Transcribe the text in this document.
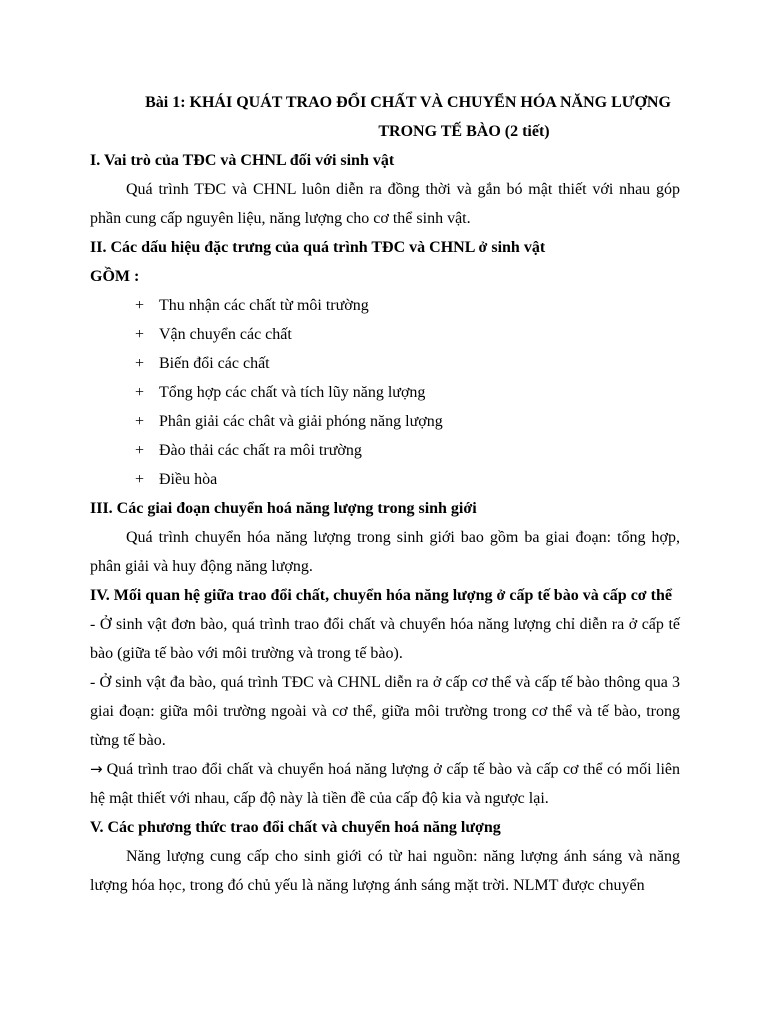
Bài 1: KHÁI QUÁT TRAO ĐỔI CHẤT VÀ CHUYỂN HÓA NĂNG LƯỢNG
TRONG TẾ BÀO (2 tiết)
I. Vai trò của TĐC và CHNL đối với sinh vật
Quá trình TĐC và CHNL luôn diễn ra đồng thời và gắn bó mật thiết với nhau góp phần cung cấp nguyên liệu, năng lượng cho cơ thể sinh vật.
II. Các dấu hiệu đặc trưng của quá trình TĐC và CHNL ở sinh vật
GỒM :
+ Thu nhận các chất từ môi trường
+ Vận chuyển các chất
+ Biến đổi các chất
+ Tổng hợp các chất và tích lũy năng lượng
+ Phân giải các chât và giải phóng năng lượng
+ Đào thải các chất ra môi trường
+ Điều hòa
III. Các giai đoạn chuyển hoá năng lượng trong sinh giới
Quá trình chuyển hóa năng lượng trong sinh giới bao gồm ba giai đoạn: tổng hợp, phân giải và huy động năng lượng.
IV. Mối quan hệ giữa trao đổi chất, chuyển hóa năng lượng ở cấp tế bào và cấp cơ thể
- Ở sinh vật đơn bào, quá trình trao đổi chất và chuyển hóa năng lượng chỉ diễn ra ở cấp tế bào (giữa tế bào với môi trường và trong tế bào).
- Ở sinh vật đa bào, quá trình TĐC và CHNL diễn ra ở cấp cơ thể và cấp tế bào thông qua 3 giai đoạn: giữa môi trường ngoài và cơ thể, giữa môi trường trong cơ thể và tế bào, trong từng tế bào.
→ Quá trình trao đổi chất và chuyển hoá năng lượng ở cấp tế bào và cấp cơ thể có mối liên hệ mật thiết với nhau, cấp độ này là tiền đề của cấp độ kia và ngược lại.
V. Các phương thức trao đổi chất và chuyển hoá năng lượng
Năng lượng cung cấp cho sinh giới có từ hai nguồn: năng lượng ánh sáng và năng lượng hóa học, trong đó chủ yếu là năng lượng ánh sáng mặt trời. NLMT được chuyển
